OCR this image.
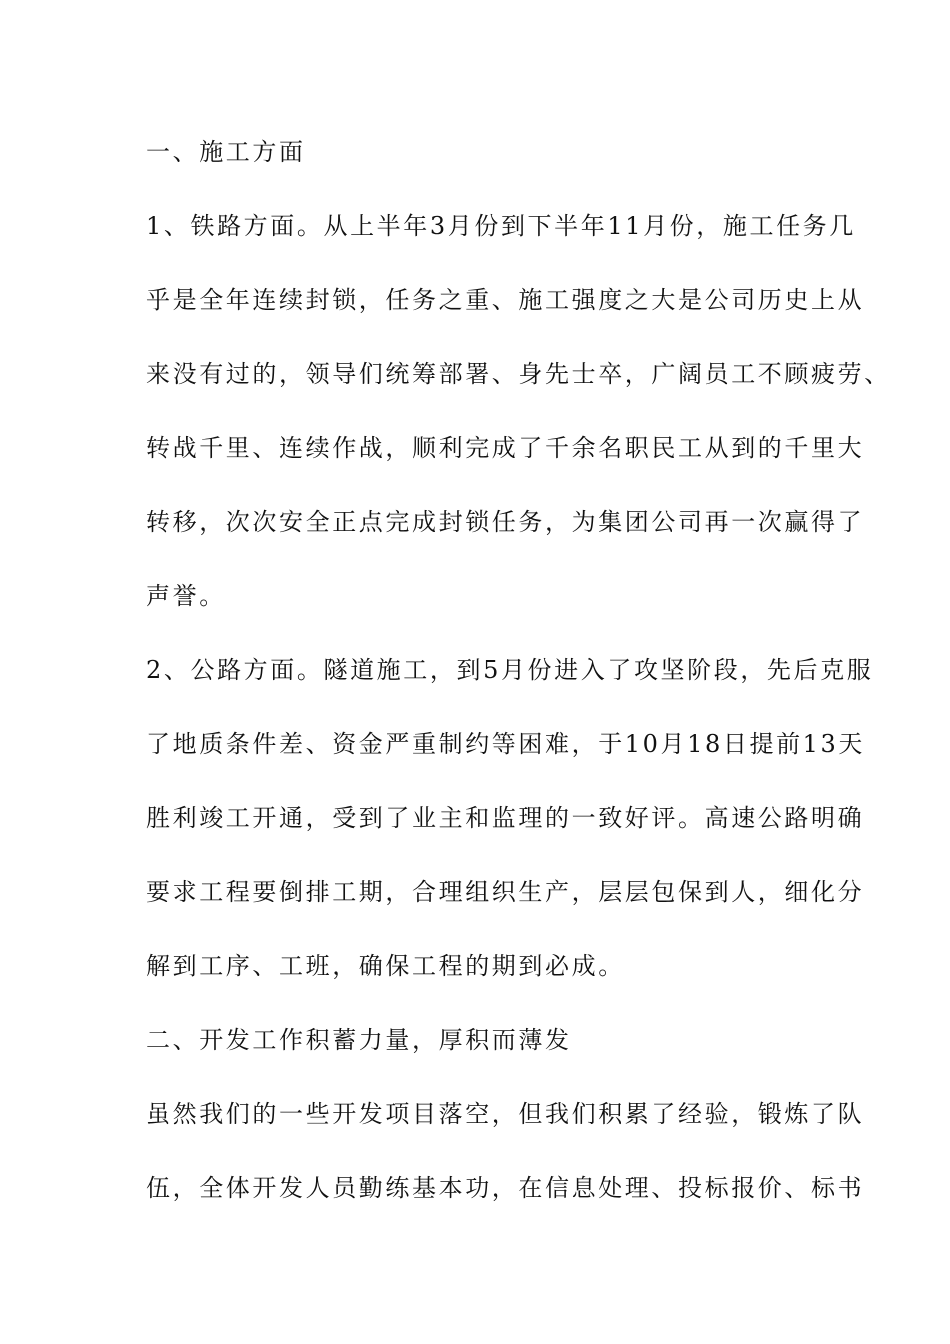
一、施工方面
1、铁路方面。从上半年3月份到下半年11月份，施工任务几
乎是全年连续封锁，任务之重、施工强度之大是公司历史上从
来没有过的，领导们统筹部署、身先士卒，广阔员工不顾疲劳、
转战千里、连续作战，顺利完成了千余名职民工从到的千里大
转移，次次安全正点完成封锁任务，为集团公司再一次赢得了
声誉。
2、公路方面。隧道施工，到5月份进入了攻坚阶段，先后克服
了地质条件差、资金严重制约等困难，于10月18日提前13天
胜利竣工开通，受到了业主和监理的一致好评。高速公路明确
要求工程要倒排工期，合理组织生产，层层包保到人，细化分
解到工序、工班，确保工程的期到必成。
二、开发工作积蓄力量，厚积而薄发
虽然我们的一些开发项目落空，但我们积累了经验，锻炼了队
伍，全体开发人员勤练基本功，在信息处理、投标报价、标书
